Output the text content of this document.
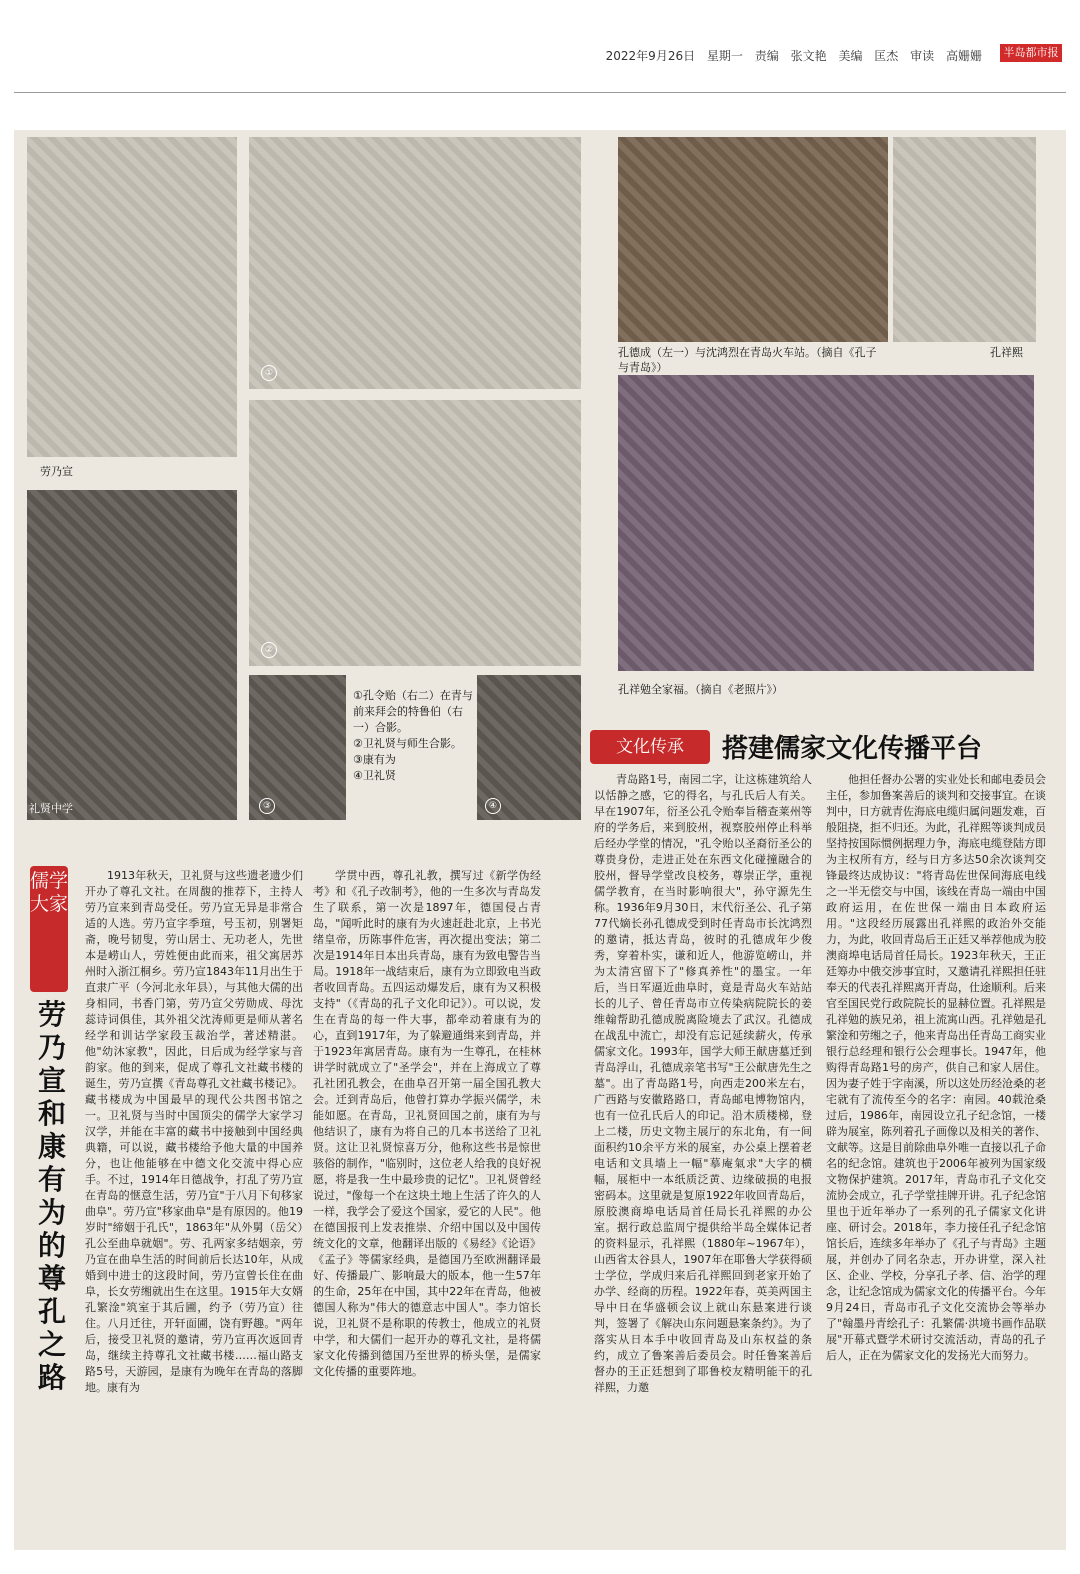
2022年9月26日 星期一 责编 张文艳 美编 匡杰 审读 高姗姗	半岛都市报
劳乃宣
礼贤中学
①
②
③
①孔令贻（右二）在青与前来拜会的特鲁伯（右一）合影。
②卫礼贤与师生合影。
③康有为
④卫礼贤
④
孔德成（左一）与沈鸿烈在青岛火车站。（摘自《孔子与青岛》）
孔祥熙
孔祥勉全家福。（摘自《老照片》）
文化传承	搭建儒家文化传播平台
儒学大家
劳乃宣和康有为的尊孔之路
1913年秋天，卫礼贤与这些遗老遗少们开办了尊孔文社。在周馥的推荐下，主持人劳乃宣来到青岛受任。劳乃宣无异是非常合适的人选。劳乃宣字季瑄，号玉初，别署矩斋，晚号韧叟，劳山居士、无功老人，先世本是崂山人，劳姓便由此而来，祖父寓居苏州时入浙江桐乡。劳乃宣1843年11月出生于直隶广平（今河北永年县），与其他大儒的出身相同，书香门第，劳乃宣父劳勋成、母沈蕊诗词俱佳，其外祖父沈涛师更是师从著名经学和训诂学家段玉裁治学，著述精湛。他"幼沐家教"，因此，日后成为经学家与音韵家。他的到来，促成了尊孔文社藏书楼的诞生，劳乃宣撰《青岛尊孔文社藏书楼记》。藏书楼成为中国最早的现代公共图书馆之一。卫礼贤与当时中国顶尖的儒学大家学习汉学，并能在丰富的藏书中接触到中国经典典籍，可以说，藏书楼给予他大量的中国养分，也让他能够在中德文化交流中得心应手。不过，1914年日德战争，打乱了劳乃宣在青岛的惬意生活，劳乃宣"于八月下旬移家曲阜"。劳乃宣"移家曲阜"是有原因的。他19岁时"缔姻于孔氏"，1863年"从外舅（岳父）孔公至曲阜就姻"。劳、孔两家多结姻亲，劳乃宣在曲阜生活的时间前后长达10年，从成婚到中进士的这段时间，劳乃宣曾长住在曲阜，长女劳缃就出生在这里。1915年大女婿孔繁淦"筑室于其后圃，约予（劳乃宣）往住。八月迁往，开轩面圃，饶有野趣。"两年后，接受卫礼贤的邀请，劳乃宣再次返回青岛，继续主持尊孔文社藏书楼……福山路支路5号，天游园，是康有为晚年在青岛的落脚地。康有为
学贯中西，尊孔礼教，撰写过《新学伪经考》和《孔子改制考》，他的一生多次与青岛发生了联系，第一次是1897年，德国侵占青岛，"闻听此时的康有为火速赶赴北京，上书光绪皇帝，历陈事件危害，再次提出变法；第二次是1914年日本出兵青岛，康有为致电警告当局。1918年一战结束后，康有为立即致电当政者收回青岛。五四运动爆发后，康有为又积极支持"（《青岛的孔子文化印记》）。可以说，发生在青岛的每一件大事，都牵动着康有为的心，直到1917年，为了躲避通缉来到青岛，并于1923年寓居青岛。康有为一生尊孔，在桂林讲学时就成立了"圣学会"，并在上海成立了尊孔社团孔教会，在曲阜召开第一届全国孔教大会。迁到青岛后，他曾打算办学振兴儒学，未能如愿。在青岛，卫礼贤回国之前，康有为与他结识了，康有为将自己的几本书送给了卫礼贤。这让卫礼贤惊喜万分，他称这些书是惊世骇俗的制作，"临别时，这位老人给我的良好祝愿，将是我一生中最珍贵的记忆"。卫礼贤曾经说过，"像每一个在这块土地上生活了许久的人一样，我学会了爱这个国家，爱它的人民"。他在德国报刊上发表推崇、介绍中国以及中国传统文化的文章，他翻译出版的《易经》《论语》《孟子》等儒家经典，是德国乃至欧洲翻译最好、传播最广、影响最大的版本，他一生57年的生命，25年在中国，其中22年在青岛，他被德国人称为"伟大的德意志中国人"。李力馆长说，卫礼贤不是称职的传教士，他成立的礼贤中学，和大儒们一起开办的尊孔文社，是将儒家文化传播到德国乃至世界的桥头堡，是儒家文化传播的重要阵地。
青岛路1号，南园二字，让这栋建筑给人以恬静之感，它的得名，与孔氏后人有关。早在1907年，衍圣公孔令贻奉旨稽查莱州等府的学务后，来到胶州，视察胶州停止科举后经办学堂的情况，"孔令贻以圣裔衍圣公的尊贵身份，走进正处在东西文化碰撞融合的胶州，督导学堂改良校务，尊崇正学，重视儒学教育，在当时影响很大"，孙守源先生称。1936年9月30日，末代衍圣公、孔子第77代嫡长孙孔德成受到时任青岛市长沈鸿烈的邀请，抵达青岛，彼时的孔德成年少俊秀，穿着朴实，谦和近人，他游览崂山，并为太清宫留下了"修真养性"的墨宝。一年后，当日军逼近曲阜时，竟是青岛火车站站长的儿子、曾任青岛市立传染病院院长的姜维翰帮助孔德成脱离险境去了武汉。孔德成在战乱中流亡，却没有忘记延续薪火，传承儒家文化。1993年，国学大师王献唐墓迁到青岛浮山，孔德成亲笔书写"王公献唐先生之墓"。出了青岛路1号，向西走200米左右，广西路与安徽路路口，青岛邮电博物馆内，也有一位孔氏后人的印记。沿木质楼梯，登上二楼，历史文物主展厅的东北角，有一间面积约10余平方米的展室，办公桌上摆着老电话和文具墙上一幅"摹庵氣求"大字的横幅，展柜中一本纸质泛黄、边缘破损的电报密码本。这里就是复原1922年收回青岛后，原胶澳商埠电话局首任局长孔祥熙的办公室。据行政总监周宁提供给半岛全媒体记者的资料显示，孔祥熙（1880年~1967年），山西省太谷县人，1907年在耶鲁大学获得硕士学位，学成归来后孔祥熙回到老家开始了办学、经商的历程。1922年春，英美两国主导中日在华盛顿会议上就山东悬案进行谈判，签署了《解决山东问题悬案条约》。为了落实从日本手中收回青岛及山东权益的条约，成立了鲁案善后委员会。时任鲁案善后督办的王正廷想到了耶鲁校友精明能干的孔祥熙，力邀
他担任督办公署的实业处长和邮电委员会主任，参加鲁案善后的谈判和交接事宜。在谈判中，日方就青佐海底电缆归属问题发难，百般阻挠，拒不归还。为此，孔祥熙等谈判成员坚持按国际惯例据理力争，海底电缆登陆方即为主权所有方，经与日方多达50余次谈判交锋最终达成协议："将青岛佐世保间海底电线之一半无偿交与中国，该线在青岛一端由中国政府运用，在佐世保一端由日本政府运用。"这段经历展露出孔祥熙的政治外交能力，为此，收回青岛后王正廷又举荐他成为胶澳商埠电话局首任局长。1923年秋天，王正廷筹办中俄交涉事宜时，又邀请孔祥熙担任驻奉天的代表孔祥熙离开青岛，仕途顺利。后来官至国民党行政院院长的显赫位置。孔祥熙是孔祥勉的族兄弟，祖上流寓山西。孔祥勉是孔繁淦和劳缃之子，他来青岛出任青岛工商实业银行总经理和银行公会理事长。1947年，他购得青岛路1号的房产，供自己和家人居住。因为妻子姓于字南溪，所以这处历经沧桑的老宅就有了流传至今的名字：南园。40载沧桑过后，1986年，南园设立孔子纪念馆，一楼辟为展室，陈列着孔子画像以及相关的著作、文献等。这是目前除曲阜外唯一直接以孔子命名的纪念馆。建筑也于2006年被列为国家级文物保护建筑。2017年，青岛市孔子文化交流协会成立，孔子学堂挂牌开讲。孔子纪念馆里也于近年举办了一系列的孔子儒家文化讲座、研讨会。2018年，李力接任孔子纪念馆馆长后，连续多年举办了《孔子与青岛》主题展，并创办了同名杂志，开办讲堂，深入社区、企业、学校，分享孔子孝、信、治学的理念，让纪念馆成为儒家文化的传播平台。今年9月24日，青岛市孔子文化交流协会等举办了"翰墨丹青绘孔子：孔繁儒·洪境书画作品联展"开幕式暨学术研讨交流活动，青岛的孔子后人，正在为儒家文化的发扬光大而努力。
